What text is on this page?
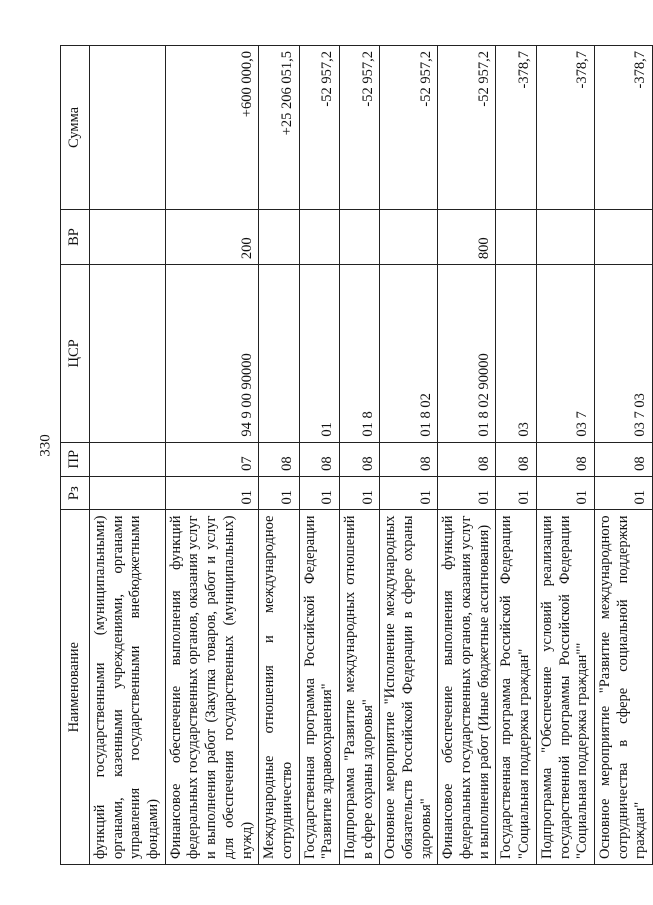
330
Наименование	Рз	ПР	ЦСР	ВР	Сумма
функций государственными (муниципальными) органами, казенными учреждениями, органами управления государственными внебюджетными фондами)					
Финансовое обеспечение выполнения функций федеральных государственных органов, оказания услуг и выполнения работ (Закупка товаров, работ и услуг для обеспечения государственных (муниципальных) нужд)	01	07	94 9 00 90000	200	+600 000,0
Международные отношения и международное сотрудничество	01	08			+25 206 051,5
Государственная программа Российской Федерации "Развитие здравоохранения"	01	08	01		-52 957,2
Подпрограмма "Развитие международных отношений в сфере охраны здоровья"	01	08	01 8		-52 957,2
Основное мероприятие "Исполнение международных обязательств Российской Федерации в сфере охраны здоровья"	01	08	01 8 02		-52 957,2
Финансовое обеспечение выполнения функций федеральных государственных органов, оказания услуг и выполнения работ (Иные бюджетные ассигнования)	01	08	01 8 02 90000	800	-52 957,2
Государственная программа Российской Федерации "Социальная поддержка граждан"	01	08	03		-378,7
Подпрограмма "Обеспечение условий реализации государственной программы Российской Федерации "Социальная поддержка граждан""	01	08	03 7		-378,7
Основное мероприятие "Развитие международного сотрудничества в сфере социальной поддержки граждан"	01	08	03 7 03		-378,7
